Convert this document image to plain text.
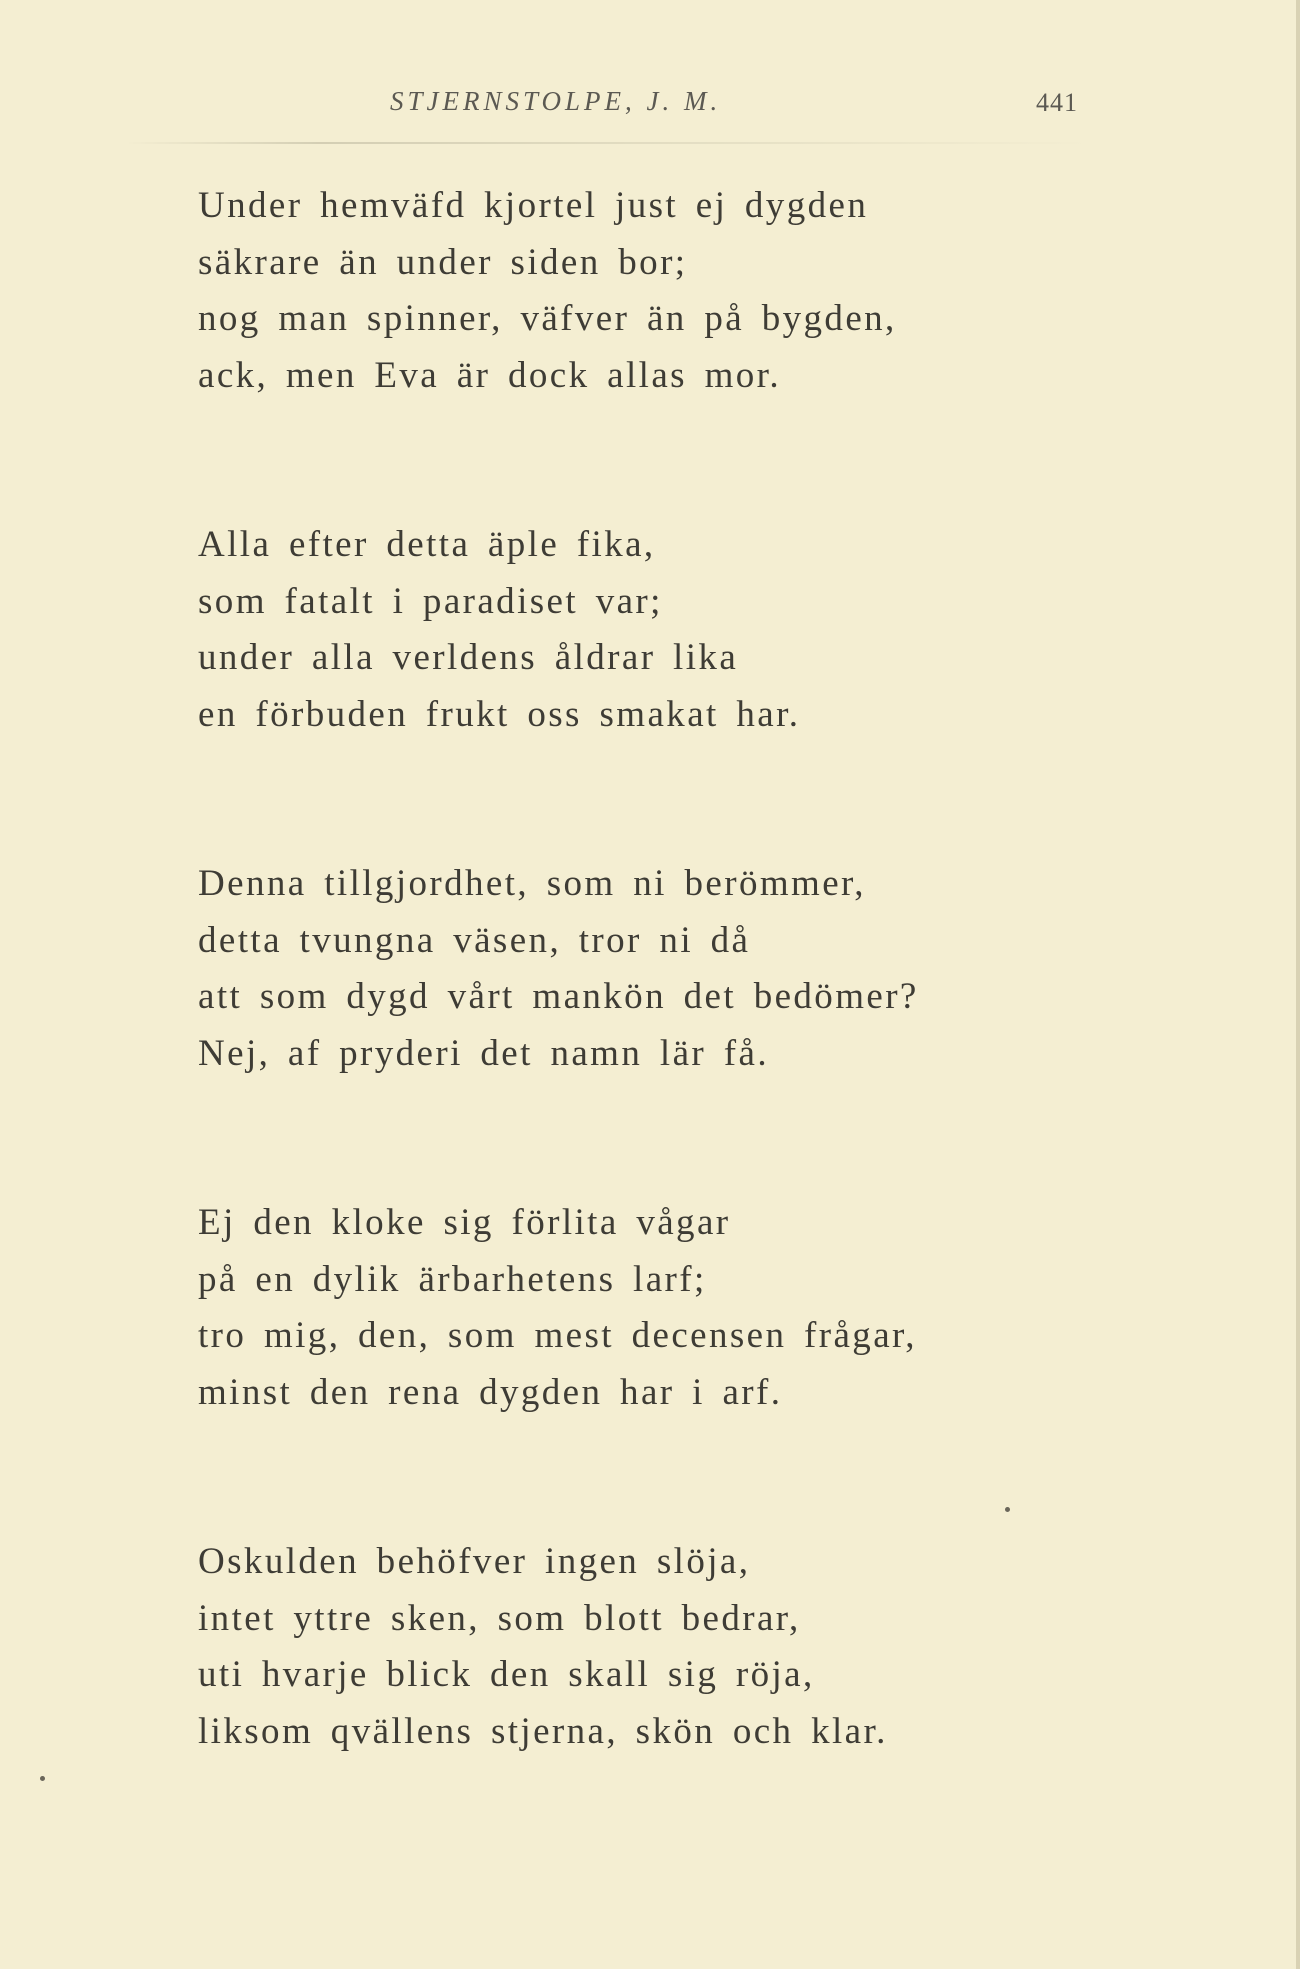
STJERNSTOLPE, J. M.	441
Under hemväfd kjortel just ej dygden
säkrare än under siden bor;
nog man spinner, väfver än på bygden,
ack, men Eva är dock allas mor.
Alla efter detta äple fika,
som fatalt i paradiset var;
under alla verldens åldrar lika
en förbuden frukt oss smakat har.
Denna tillgjordhet, som ni berömmer,
detta tvungna väsen, tror ni då
att som dygd vårt mankön det bedömer?
Nej, af pryderi det namn lär få.
Ej den kloke sig förlita vågar
på en dylik ärbarhetens larf;
tro mig, den, som mest decensen frågar,
minst den rena dygden har i arf.
Oskulden behöfver ingen slöja,
intet yttre sken, som blott bedrar,
uti hvarje blick den skall sig röja,
liksom qvällens stjerna, skön och klar.
